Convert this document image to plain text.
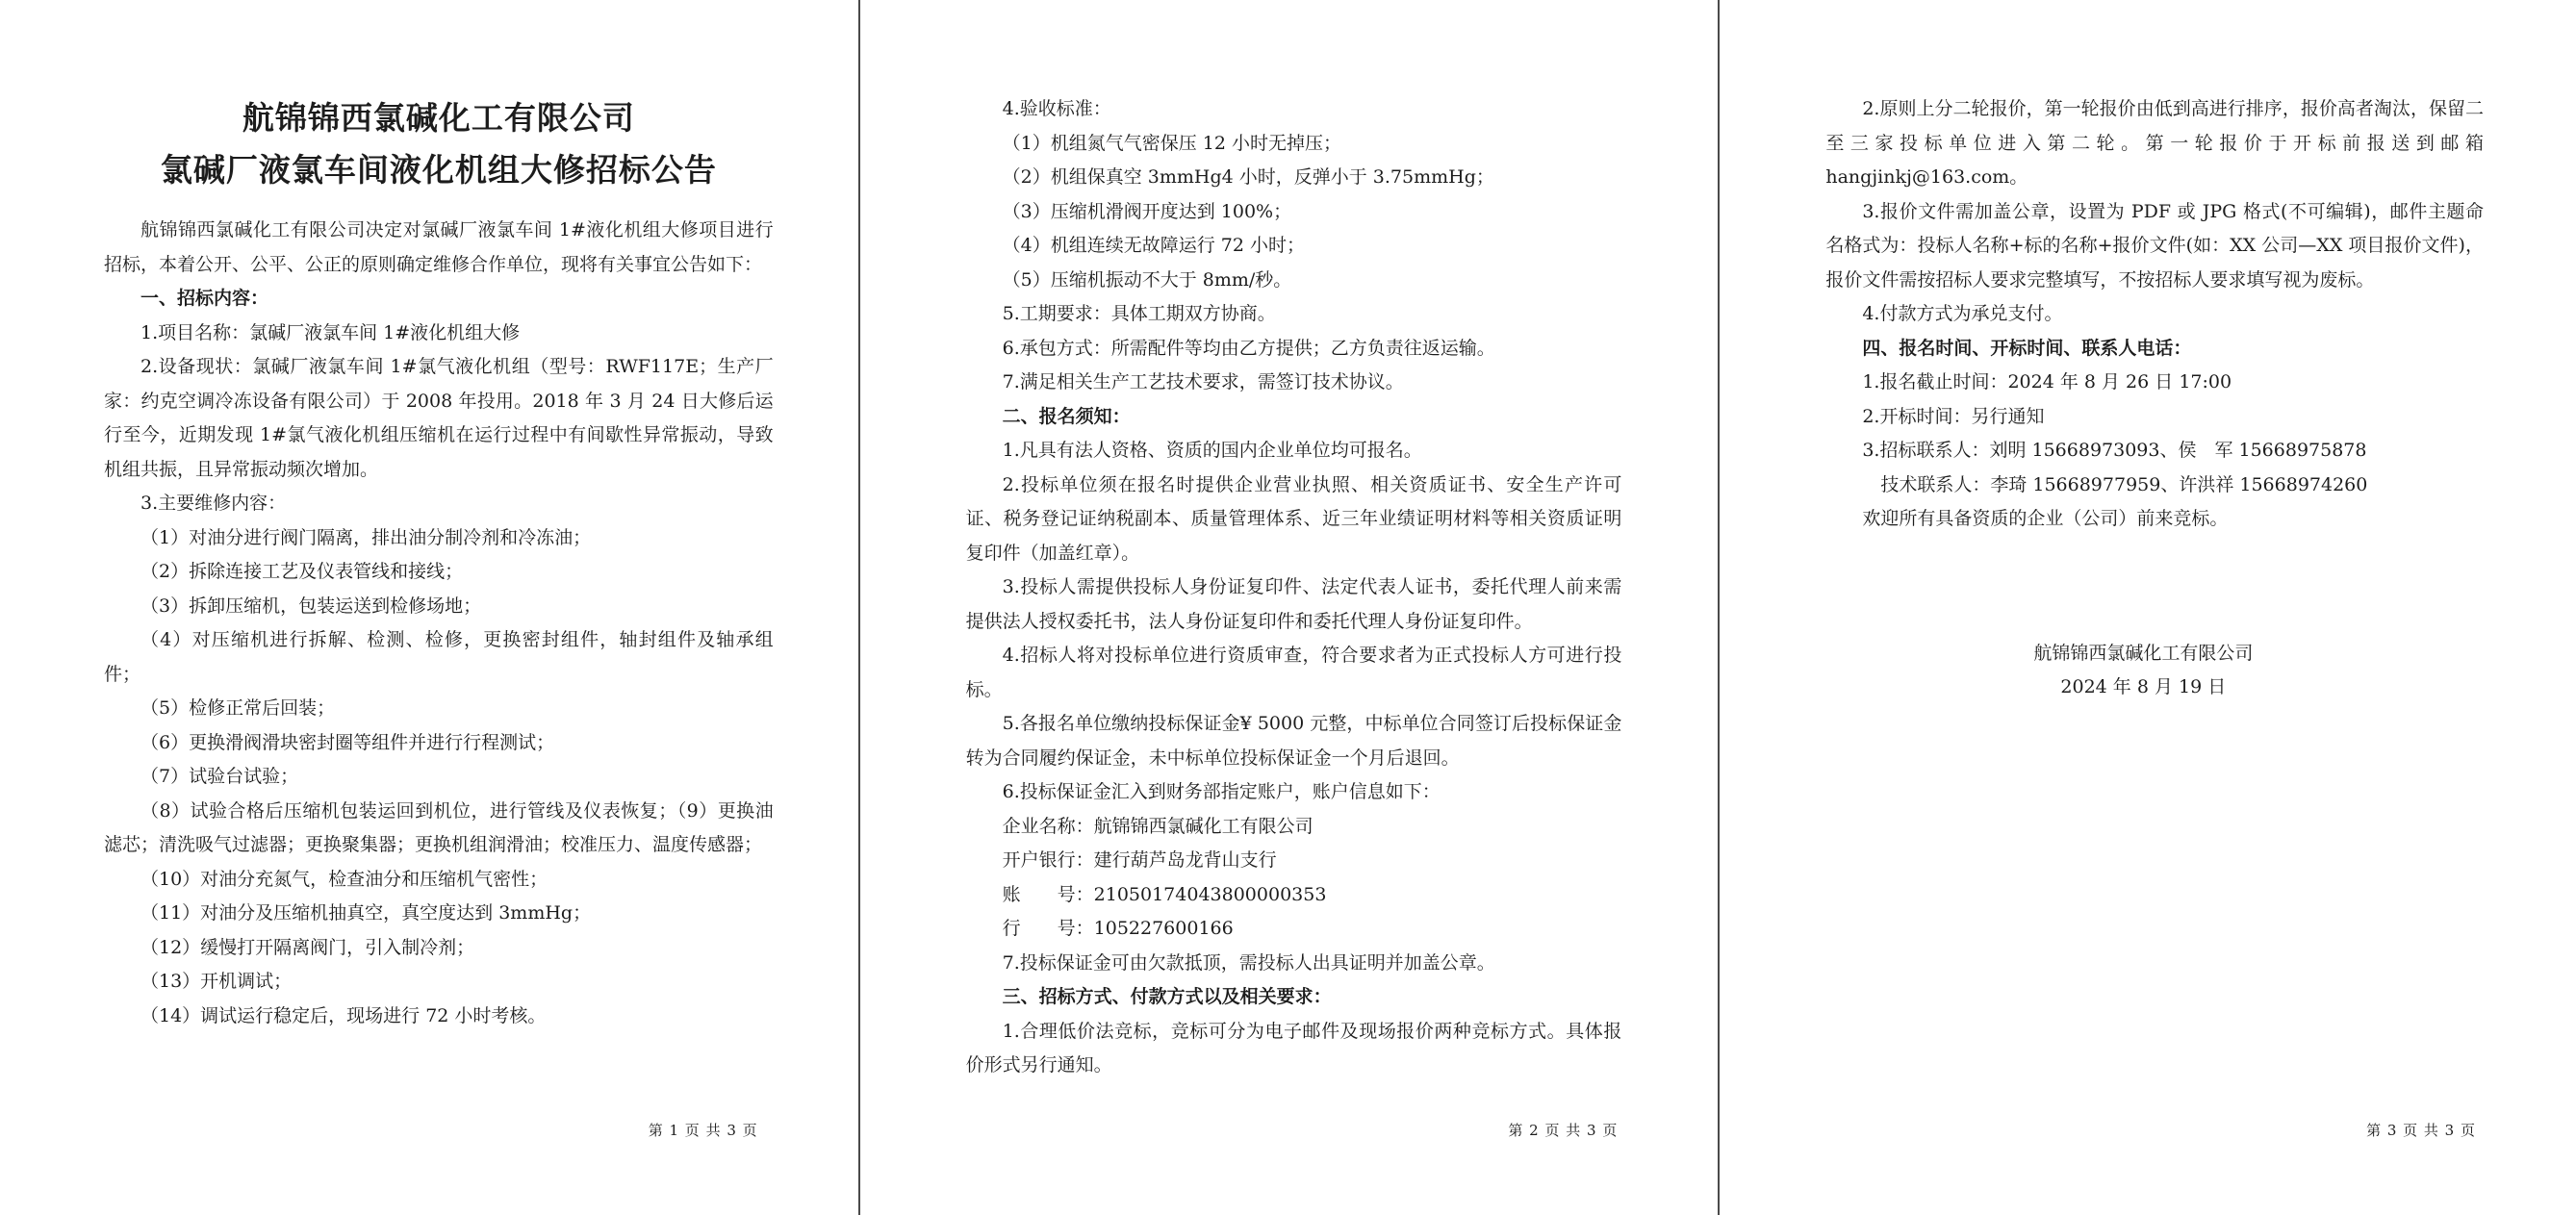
航锦锦西氯碱化工有限公司
氯碱厂液氯车间液化机组大修招标公告

航锦锦西氯碱化工有限公司决定对氯碱厂液氯车间 1#液化机组大修项目进行招标，本着公开、公平、公正的原则确定维修合作单位，现将有关事宜公告如下：

一、招标内容：

1.项目名称：氯碱厂液氯车间 1#液化机组大修

2.设备现状：氯碱厂液氯车间 1#氯气液化机组（型号：RWF117E；生产厂家：约克空调冷冻设备有限公司）于 2008 年投用。2018 年 3 月 24 日大修后运行至今，近期发现 1#氯气液化机组压缩机在运行过程中有间歇性异常振动，导致机组共振，且异常振动频次增加。

3.主要维修内容：

（1）对油分进行阀门隔离，排出油分制冷剂和冷冻油；

（2）拆除连接工艺及仪表管线和接线；

（3）拆卸压缩机，包装运送到检修场地；

（4）对压缩机进行拆解、检测、检修，更换密封组件，轴封组件及轴承组件；

（5）检修正常后回装；

（6）更换滑阀滑块密封圈等组件并进行行程测试；

（7）试验台试验；

（8）试验合格后压缩机包装运回到机位，进行管线及仪表恢复；（9）更换油滤芯；清洗吸气过滤器；更换聚集器；更换机组润滑油；校准压力、温度传感器；

（10）对油分充氮气，检查油分和压缩机气密性；

（11）对油分及压缩机抽真空，真空度达到 3mmHg；

（12）缓慢打开隔离阀门，引入制冷剂；

（13）开机调试；

（14）调试运行稳定后，现场进行 72 小时考核。

第 1 页 共 3 页

4.验收标准：

（1）机组氮气气密保压 12 小时无掉压；

（2）机组保真空 3mmHg4 小时，反弹小于 3.75mmHg；

（3）压缩机滑阀开度达到 100%；

（4）机组连续无故障运行 72 小时；

（5）压缩机振动不大于 8mm/秒。

5.工期要求：具体工期双方协商。

6.承包方式：所需配件等均由乙方提供；乙方负责往返运输。

7.满足相关生产工艺技术要求，需签订技术协议。

二、报名须知：

1.凡具有法人资格、资质的国内企业单位均可报名。

2.投标单位须在报名时提供企业营业执照、相关资质证书、安全生产许可证、税务登记证纳税副本、质量管理体系、近三年业绩证明材料等相关资质证明复印件（加盖红章）。

3.投标人需提供投标人身份证复印件、法定代表人证书，委托代理人前来需提供法人授权委托书，法人身份证复印件和委托代理人身份证复印件。

4.招标人将对投标单位进行资质审查，符合要求者为正式投标人方可进行投标。

5.各报名单位缴纳投标保证金¥ 5000 元整，中标单位合同签订后投标保证金转为合同履约保证金，未中标单位投标保证金一个月后退回。

6.投标保证金汇入到财务部指定账户，账户信息如下：

企业名称：航锦锦西氯碱化工有限公司

开户银行：建行葫芦岛龙背山支行

账　　号：21050174043800000353

行　　号：105227600166

7.投标保证金可由欠款抵顶，需投标人出具证明并加盖公章。

三、招标方式、付款方式以及相关要求：

1.合理低价法竞标，竞标可分为电子邮件及现场报价两种竞标方式。具体报价形式另行通知。

第 2 页 共 3 页

2.原则上分二轮报价，第一轮报价由低到高进行排序，报价高者淘汰，保留二至三家投标单位进入第二轮。第一轮报价于开标前报送到邮箱hangjinkj@163.com。

3.报价文件需加盖公章，设置为 PDF 或 JPG 格式(不可编辑)，邮件主题命名格式为：投标人名称+标的名称+报价文件(如：XX 公司—XX 项目报价文件)，报价文件需按招标人要求完整填写，不按招标人要求填写视为废标。

4.付款方式为承兑支付。

四、报名时间、开标时间、联系人电话：

1.报名截止时间：2024 年 8 月 26 日 17:00

2.开标时间：另行通知

3.招标联系人：刘明 15668973093、侯　军 15668975878

　技术联系人：李琦 15668977959、许洪祥 15668974260

欢迎所有具备资质的企业（公司）前来竞标。

航锦锦西氯碱化工有限公司
2024 年 8 月 19 日
第 3 页 共 3 页
